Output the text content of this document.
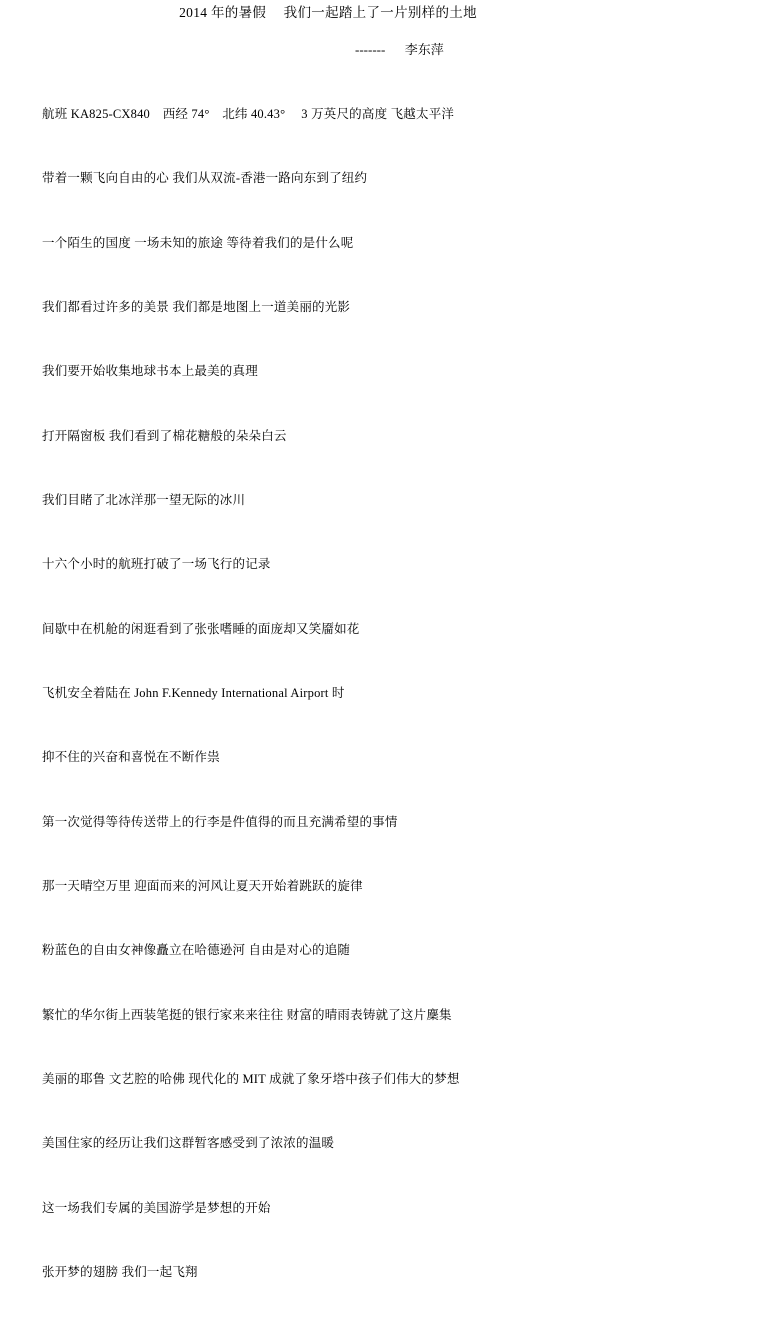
2014 年的暑假　 我们一起踏上了一片别样的土地
-------　  李东萍

航班 KA825-CX840　西经 74°　北纬 40.43°　 3 万英尺的高度 飞越太平洋

带着一颗飞向自由的心 我们从双流-香港一路向东到了纽约

一个陌生的国度 一场未知的旅途 等待着我们的是什么呢

我们都看过许多的美景 我们都是地图上一道美丽的光影

我们要开始收集地球书本上最美的真理

打开隔窗板 我们看到了棉花糖般的朵朵白云

我们目睹了北冰洋那一望无际的冰川

十六个小时的航班打破了一场飞行的记录

间歇中在机舱的闲逛看到了张张嗜睡的面庞却又笑靥如花

飞机安全着陆在 John F.Kennedy International Airport 时

抑不住的兴奋和喜悦在不断作祟

第一次觉得等待传送带上的行李是件值得的而且充满希望的事情

那一天晴空万里 迎面而来的河风让夏天开始着跳跃的旋律

粉蓝色的自由女神像矗立在哈德逊河 自由是对心的追随

繁忙的华尔街上西装笔挺的银行家来来往往 财富的晴雨表铸就了这片麇集

美丽的耶鲁 文艺腔的哈佛 现代化的 MIT 成就了象牙塔中孩子们伟大的梦想

美国住家的经历让我们这群暂客感受到了浓浓的温暖

这一场我们专属的美国游学是梦想的开始

张开梦的翅膀 我们一起飞翔
